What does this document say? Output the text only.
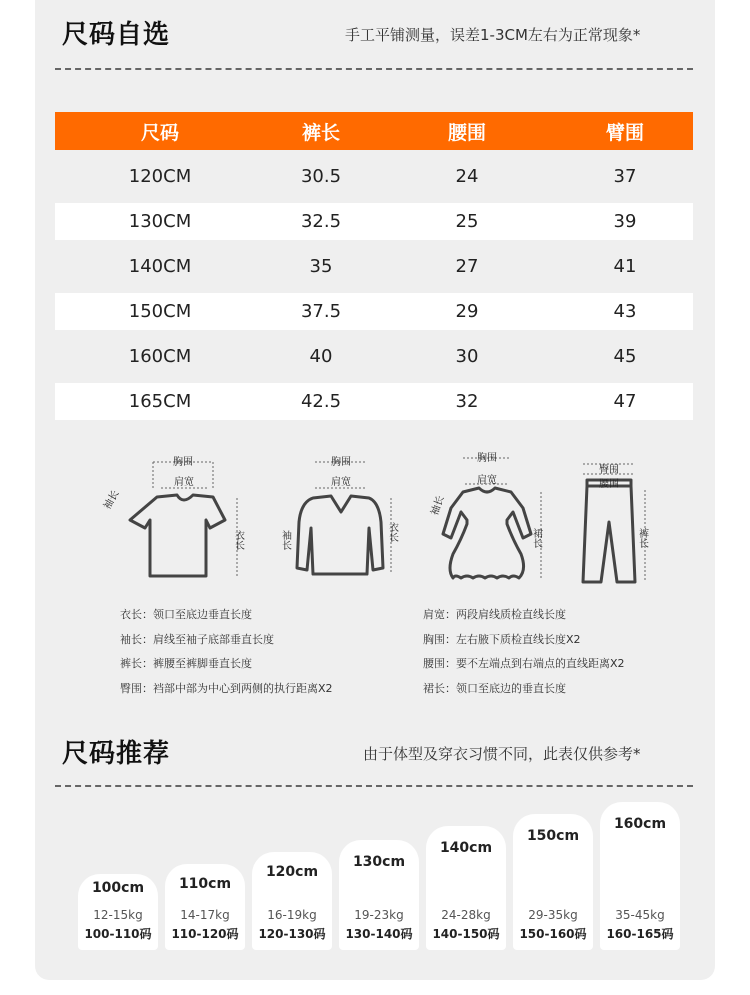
尺码自选	手工平铺测量，误差1-3CM左右为正常现象*
尺码	裤长	腰围	臂围
120CM	30.5	24	37
130CM	32.5	25	39
140CM	35	27	41
150CM	37.5	29	43
160CM	40	30	45
165CM	42.5	32	47
胸围
肩宽
袖长
衣长
胸围
肩宽
袖长	衣长
胸围
肩宽
袖长
裙长
臀围
腰围
裤长
衣长：领口至底边垂直长度
袖长：肩线至袖子底部垂直长度
裤长：裤腰至裤脚垂直长度
臀围：裆部中部为中心到两侧的执行距离X2
肩宽：两段肩线质检直线长度
胸围：左右腋下质检直线长度X2
腰围：要不左端点到右端点的直线距离X2
裙长：领口至底边的垂直长度
尺码推荐	由于体型及穿衣习惯不同，此表仅供参考*
100cm
12-15kg
100-110码
110cm
14-17kg
110-120码
120cm
16-19kg
120-130码
130cm
19-23kg
130-140码
140cm
24-28kg
140-150码
150cm
29-35kg
150-160码
160cm
35-45kg
160-165码
